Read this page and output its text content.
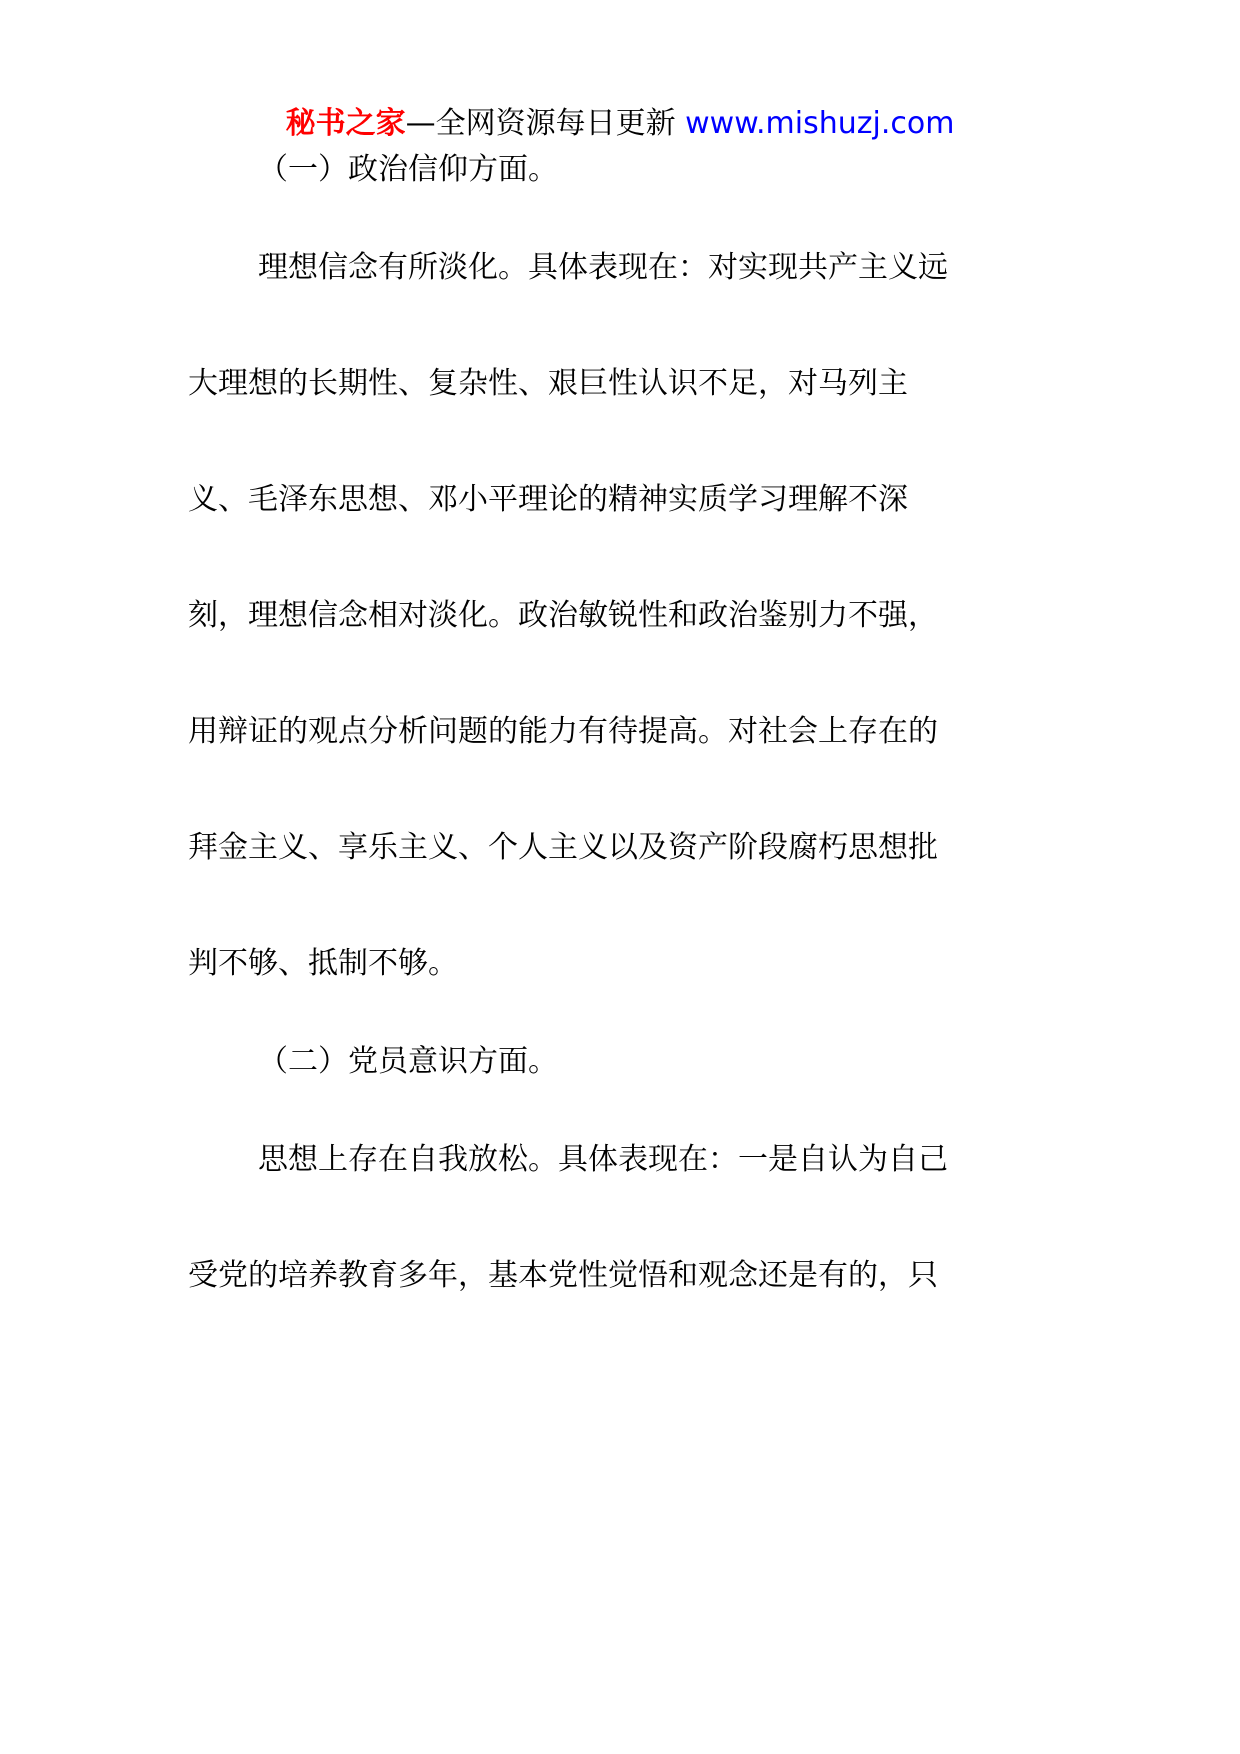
秘书之家—全网资源每日更新 www.mishuzj.com
（一）政治信仰方面。
理想信念有所淡化。具体表现在：对实现共产主义远
大理想的长期性、复杂性、艰巨性认识不足，对马列主
义、毛泽东思想、邓小平理论的精神实质学习理解不深
刻，理想信念相对淡化。政治敏锐性和政治鉴别力不强，
用辩证的观点分析问题的能力有待提高。对社会上存在的
拜金主义、享乐主义、个人主义以及资产阶段腐朽思想批
判不够、抵制不够。
（二）党员意识方面。
思想上存在自我放松。具体表现在：一是自认为自己
受党的培养教育多年，基本党性觉悟和观念还是有的，只
